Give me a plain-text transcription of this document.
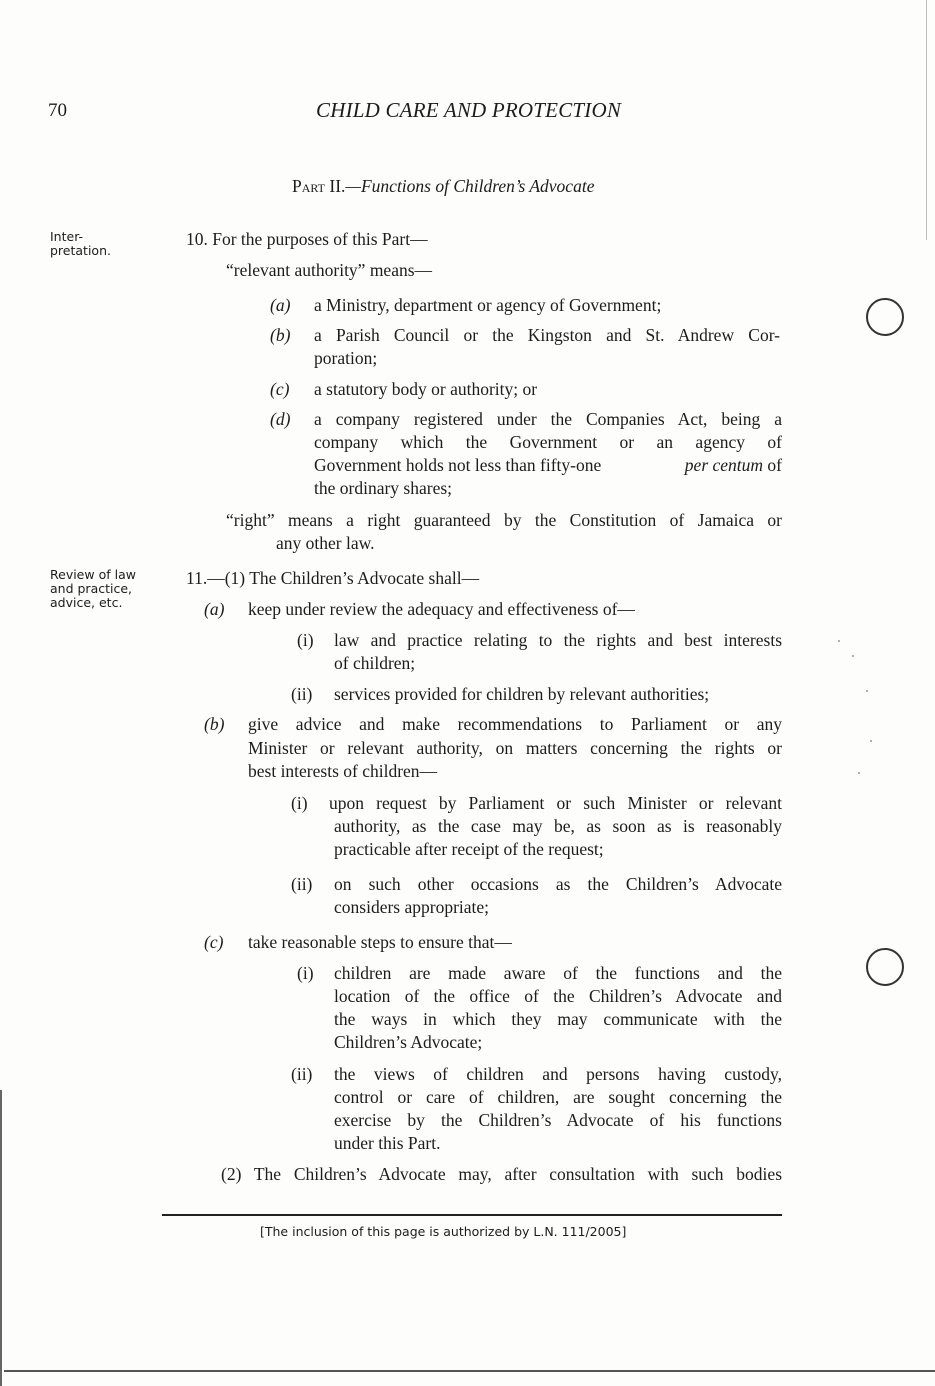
70	CHILD CARE AND PROTECTION
Part II.—Functions of Children’s Advocate
Inter-
pretation.
Review of law
and practice,
advice, etc.
10. For the purposes of this Part—
“relevant authority” means—
(a) a Ministry, department or agency of Government;
(b) a Parish Council or the Kingston and St. Andrew Cor-
poration;
(c) a statutory body or authority; or
(d) a company registered under the Companies Act, being a
company which the Government or an agency of
Government holds not less than fifty-one	per centum of
the ordinary shares;
“right” means a right guaranteed by the Constitution of Jamaica or
any other law.
11.—(1) The Children’s Advocate shall—
(a) keep under review the adequacy and effectiveness of—
(i) law and practice relating to the rights and best interests
of children;
(ii) services provided for children by relevant authorities;
(b) give advice and make recommendations to Parliament or any
Minister or relevant authority, on matters concerning the rights or
best interests of children—
(i) upon request by Parliament or such Minister or relevant
authority, as the case may be, as soon as is reasonably
practicable after receipt of the request;
(ii) on such other occasions as the Children’s Advocate
considers appropriate;
(c) take reasonable steps to ensure that—
(i) children are made aware of the functions and the
location of the office of the Children’s Advocate and
the ways in which they may communicate with the
Children’s Advocate;
(ii) the views of children and persons having custody,
control or care of children, are sought concerning the
exercise by the Children’s Advocate of his functions
under this Part.
(2) The Children’s Advocate may, after consultation with such bodies
[The inclusion of this page is authorized by L.N. 111/2005]
